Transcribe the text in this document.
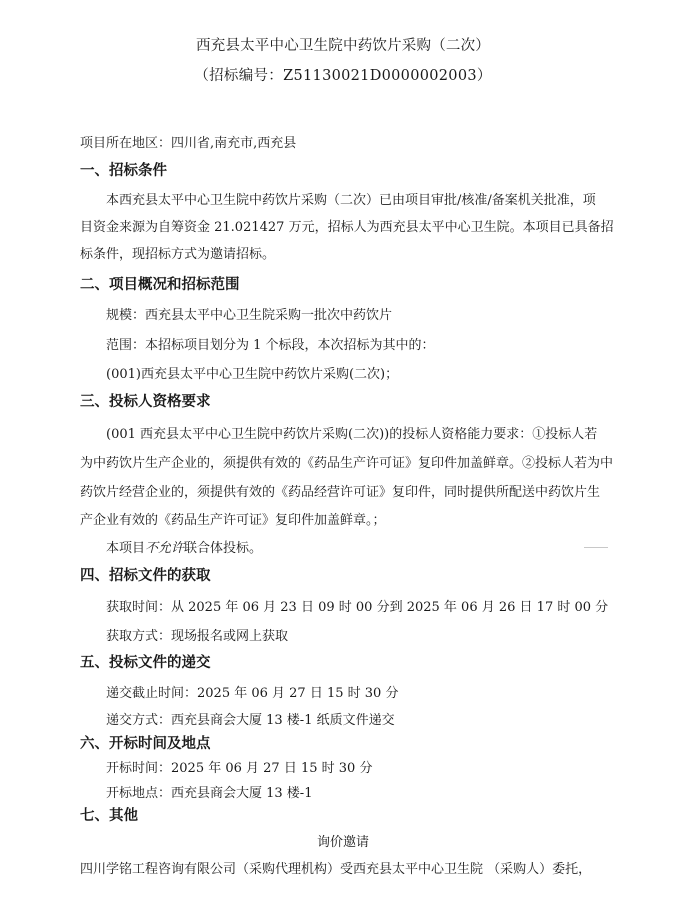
西充县太平中心卫生院中药饮片采购（二次）
（招标编号：Z51130021D0000002003）
项目所在地区：四川省,南充市,西充县
一、招标条件
本西充县太平中心卫生院中药饮片采购（二次）已由项目审批/核准/备案机关批准，项
目资金来源为自筹资金 21.021427 万元，招标人为西充县太平中心卫生院。本项目已具备招
标条件，现招标方式为邀请招标。
二、项目概况和招标范围
规模：西充县太平中心卫生院采购一批次中药饮片
范围：本招标项目划分为 1 个标段，本次招标为其中的：
(001)西充县太平中心卫生院中药饮片采购(二次)；
三、投标人资格要求
(001 西充县太平中心卫生院中药饮片采购(二次))的投标人资格能力要求：①投标人若
为中药饮片生产企业的，须提供有效的《药品生产许可证》复印件加盖鲜章。②投标人若为中
药饮片经营企业的，须提供有效的《药品经营许可证》复印件，同时提供所配送中药饮片生
产企业有效的《药品生产许可证》复印件加盖鲜章。；
本项目不允许联合体投标。
四、招标文件的获取
获取时间：从 2025 年 06 月 23 日 09 时 00 分到 2025 年 06 月 26 日 17 时 00 分
获取方式：现场报名或网上获取
五、投标文件的递交
递交截止时间：2025 年 06 月 27 日 15 时 30 分
递交方式：西充县商会大厦 13 楼-1 纸质文件递交
六、开标时间及地点
开标时间：2025 年 06 月 27 日 15 时 30 分
开标地点：西充县商会大厦 13 楼-1
七、其他
询价邀请
四川学铭工程咨询有限公司（采购代理机构）受西充县太平中心卫生院 （采购人）委托，
